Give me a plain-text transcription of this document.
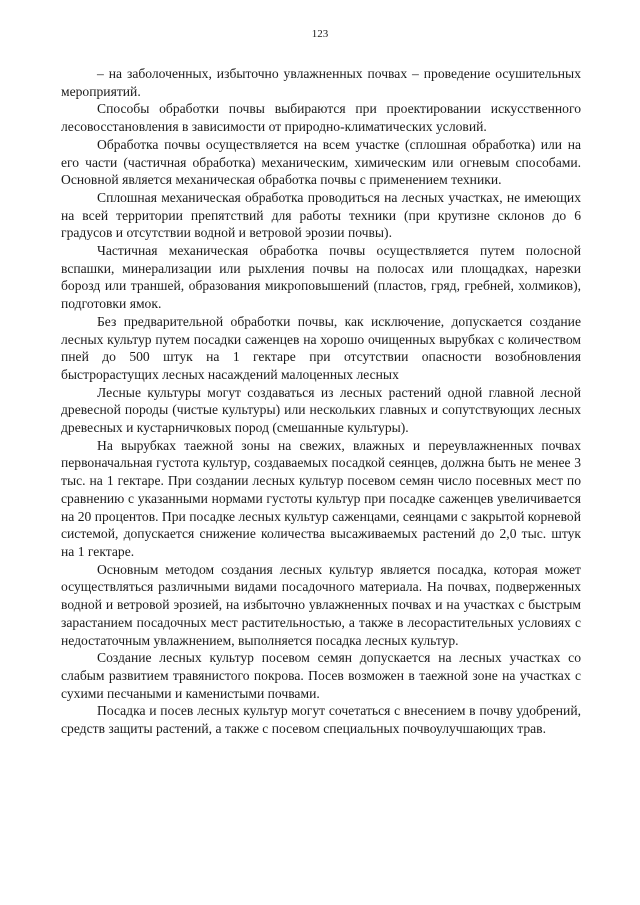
123

– на заболоченных, избыточно увлажненных почвах – проведение осушительных мероприятий.

Способы обработки почвы выбираются при проектировании искусственного лесовосстановления в зависимости от природно-климатических условий.

Обработка почвы осуществляется на всем участке (сплошная обработка) или на его части (частичная обработка) механическим, химическим или огневым способами. Основной является механическая обработка почвы с применением техники.

Сплошная механическая обработка проводиться на лесных участках, не имеющих на всей территории препятствий для работы техники (при крутизне склонов до 6 градусов и отсутствии водной и ветровой эрозии почвы).

Частичная механическая обработка почвы осуществляется путем полосной вспашки, минерализации или рыхления почвы на полосах или площадках, нарезки борозд или траншей, образования микроповышений (пластов, гряд, гребней, холмиков), подготовки ямок.

Без предварительной обработки почвы, как исключение, допускается создание лесных культур путем посадки саженцев на хорошо очищенных вырубках с количеством пней до 500 штук на 1 гектаре при отсутствии опасности возобновления быстрорастущих лесных насаждений малоценных лесных

Лесные культуры могут создаваться из лесных растений одной главной лесной древесной породы (чистые культуры) или нескольких главных и сопутствующих лесных древесных и кустарничковых пород (смешанные культуры).

На вырубках таежной зоны на свежих, влажных и переувлажненных почвах первоначальная густота культур, создаваемых посадкой сеянцев, должна быть не менее 3 тыс. на 1 гектаре. При создании лесных культур посевом семян число посевных мест по сравнению с указанными нормами густоты культур при посадке саженцев увеличивается на 20 процентов. При посадке лесных культур саженцами, сеянцами с закрытой корневой системой, допускается снижение количества высаживаемых растений до 2,0 тыс. штук на 1 гектаре.

Основным методом создания лесных культур является посадка, которая может осуществляться различными видами посадочного материала. На почвах, подверженных водной и ветровой эрозией, на избыточно увлажненных почвах и на участках с быстрым зарастанием посадочных мест растительностью, а также в лесорастительных условиях с недостаточным увлажнением, выполняется посадка лесных культур.

Создание лесных культур посевом семян допускается на лесных участках со слабым развитием травянистого покрова. Посев возможен в таежной зоне на участках с сухими песчаными и каменистыми почвами.

Посадка и посев лесных культур могут сочетаться с внесением в почву удобрений, средств защиты растений, а также с посевом специальных почвоулучшающих трав.
